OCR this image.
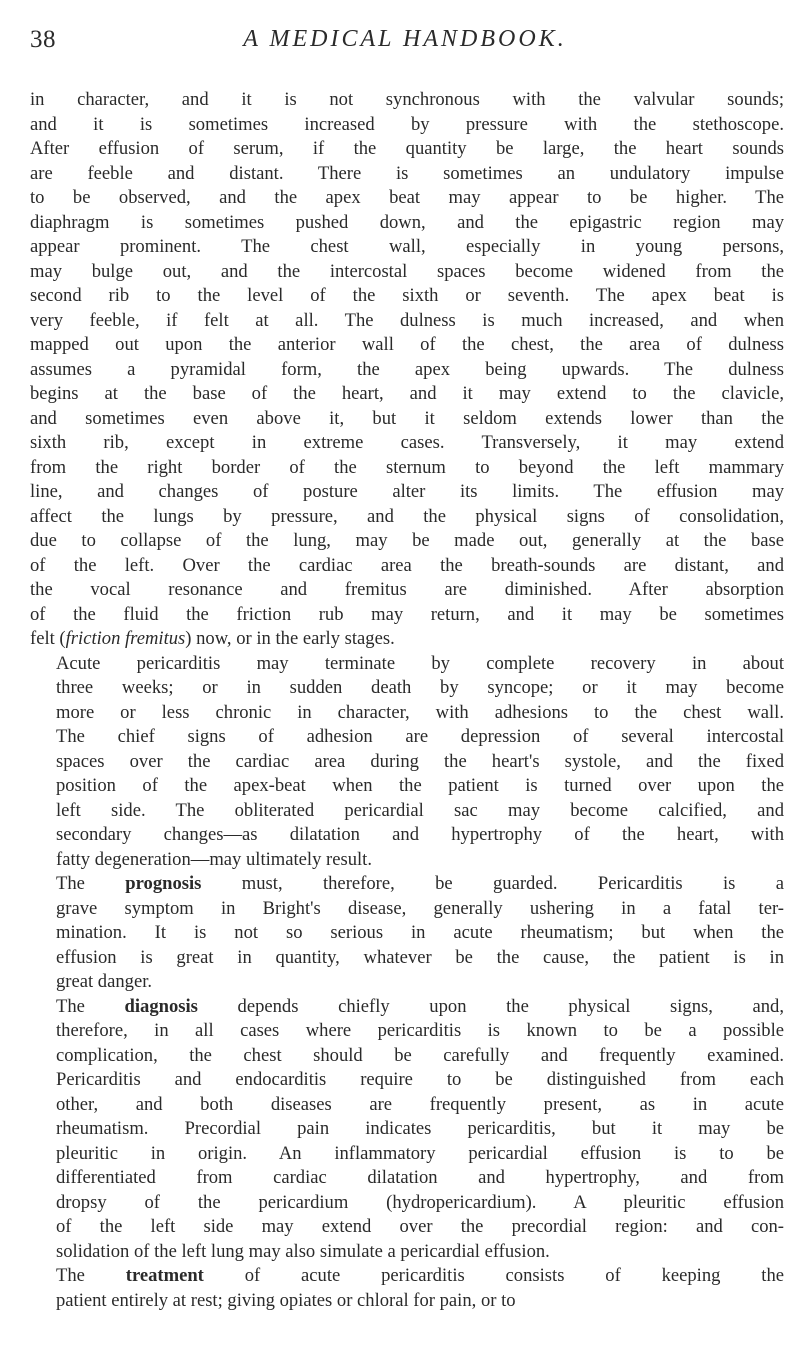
38	A MEDICAL HANDBOOK.
in character, and it is not synchronous with the valvular sounds;
and it is sometimes increased by pressure with the stethoscope.
After effusion of serum, if the quantity be large, the heart sounds
are feeble and distant. There is sometimes an undulatory impulse
to be observed, and the apex beat may appear to be higher. The
diaphragm is sometimes pushed down, and the epigastric region may
appear prominent. The chest wall, especially in young persons,
may bulge out, and the intercostal spaces become widened from the
second rib to the level of the sixth or seventh. The apex beat is
very feeble, if felt at all. The dulness is much increased, and when
mapped out upon the anterior wall of the chest, the area of dulness
assumes a pyramidal form, the apex being upwards. The dulness
begins at the base of the heart, and it may extend to the clavicle,
and sometimes even above it, but it seldom extends lower than the
sixth rib, except in extreme cases. Transversely, it may extend
from the right border of the sternum to beyond the left mammary
line, and changes of posture alter its limits. The effusion may
affect the lungs by pressure, and the physical signs of consolidation,
due to collapse of the lung, may be made out, generally at the base
of the left. Over the cardiac area the breath-sounds are distant, and
the vocal resonance and fremitus are diminished. After absorption
of the fluid the friction rub may return, and it may be sometimes
felt (friction fremitus) now, or in the early stages.
Acute pericarditis may terminate by complete recovery in about
three weeks; or in sudden death by syncope; or it may become
more or less chronic in character, with adhesions to the chest wall.
The chief signs of adhesion are depression of several intercostal
spaces over the cardiac area during the heart's systole, and the fixed
position of the apex-beat when the patient is turned over upon the
left side. The obliterated pericardial sac may become calcified, and
secondary changes—as dilatation and hypertrophy of the heart, with
fatty degeneration—may ultimately result.
The prognosis must, therefore, be guarded. Pericarditis is a
grave symptom in Bright's disease, generally ushering in a fatal ter-
mination. It is not so serious in acute rheumatism; but when the
effusion is great in quantity, whatever be the cause, the patient is in
great danger.
The diagnosis depends chiefly upon the physical signs, and,
therefore, in all cases where pericarditis is known to be a possible
complication, the chest should be carefully and frequently examined.
Pericarditis and endocarditis require to be distinguished from each
other, and both diseases are frequently present, as in acute
rheumatism. Precordial pain indicates pericarditis, but it may be
pleuritic in origin. An inflammatory pericardial effusion is to be
differentiated from cardiac dilatation and hypertrophy, and from
dropsy of the pericardium (hydropericardium). A pleuritic effusion
of the left side may extend over the precordial region: and con-
solidation of the left lung may also simulate a pericardial effusion.
The treatment of acute pericarditis consists of keeping the
patient entirely at rest; giving opiates or chloral for pain, or to
